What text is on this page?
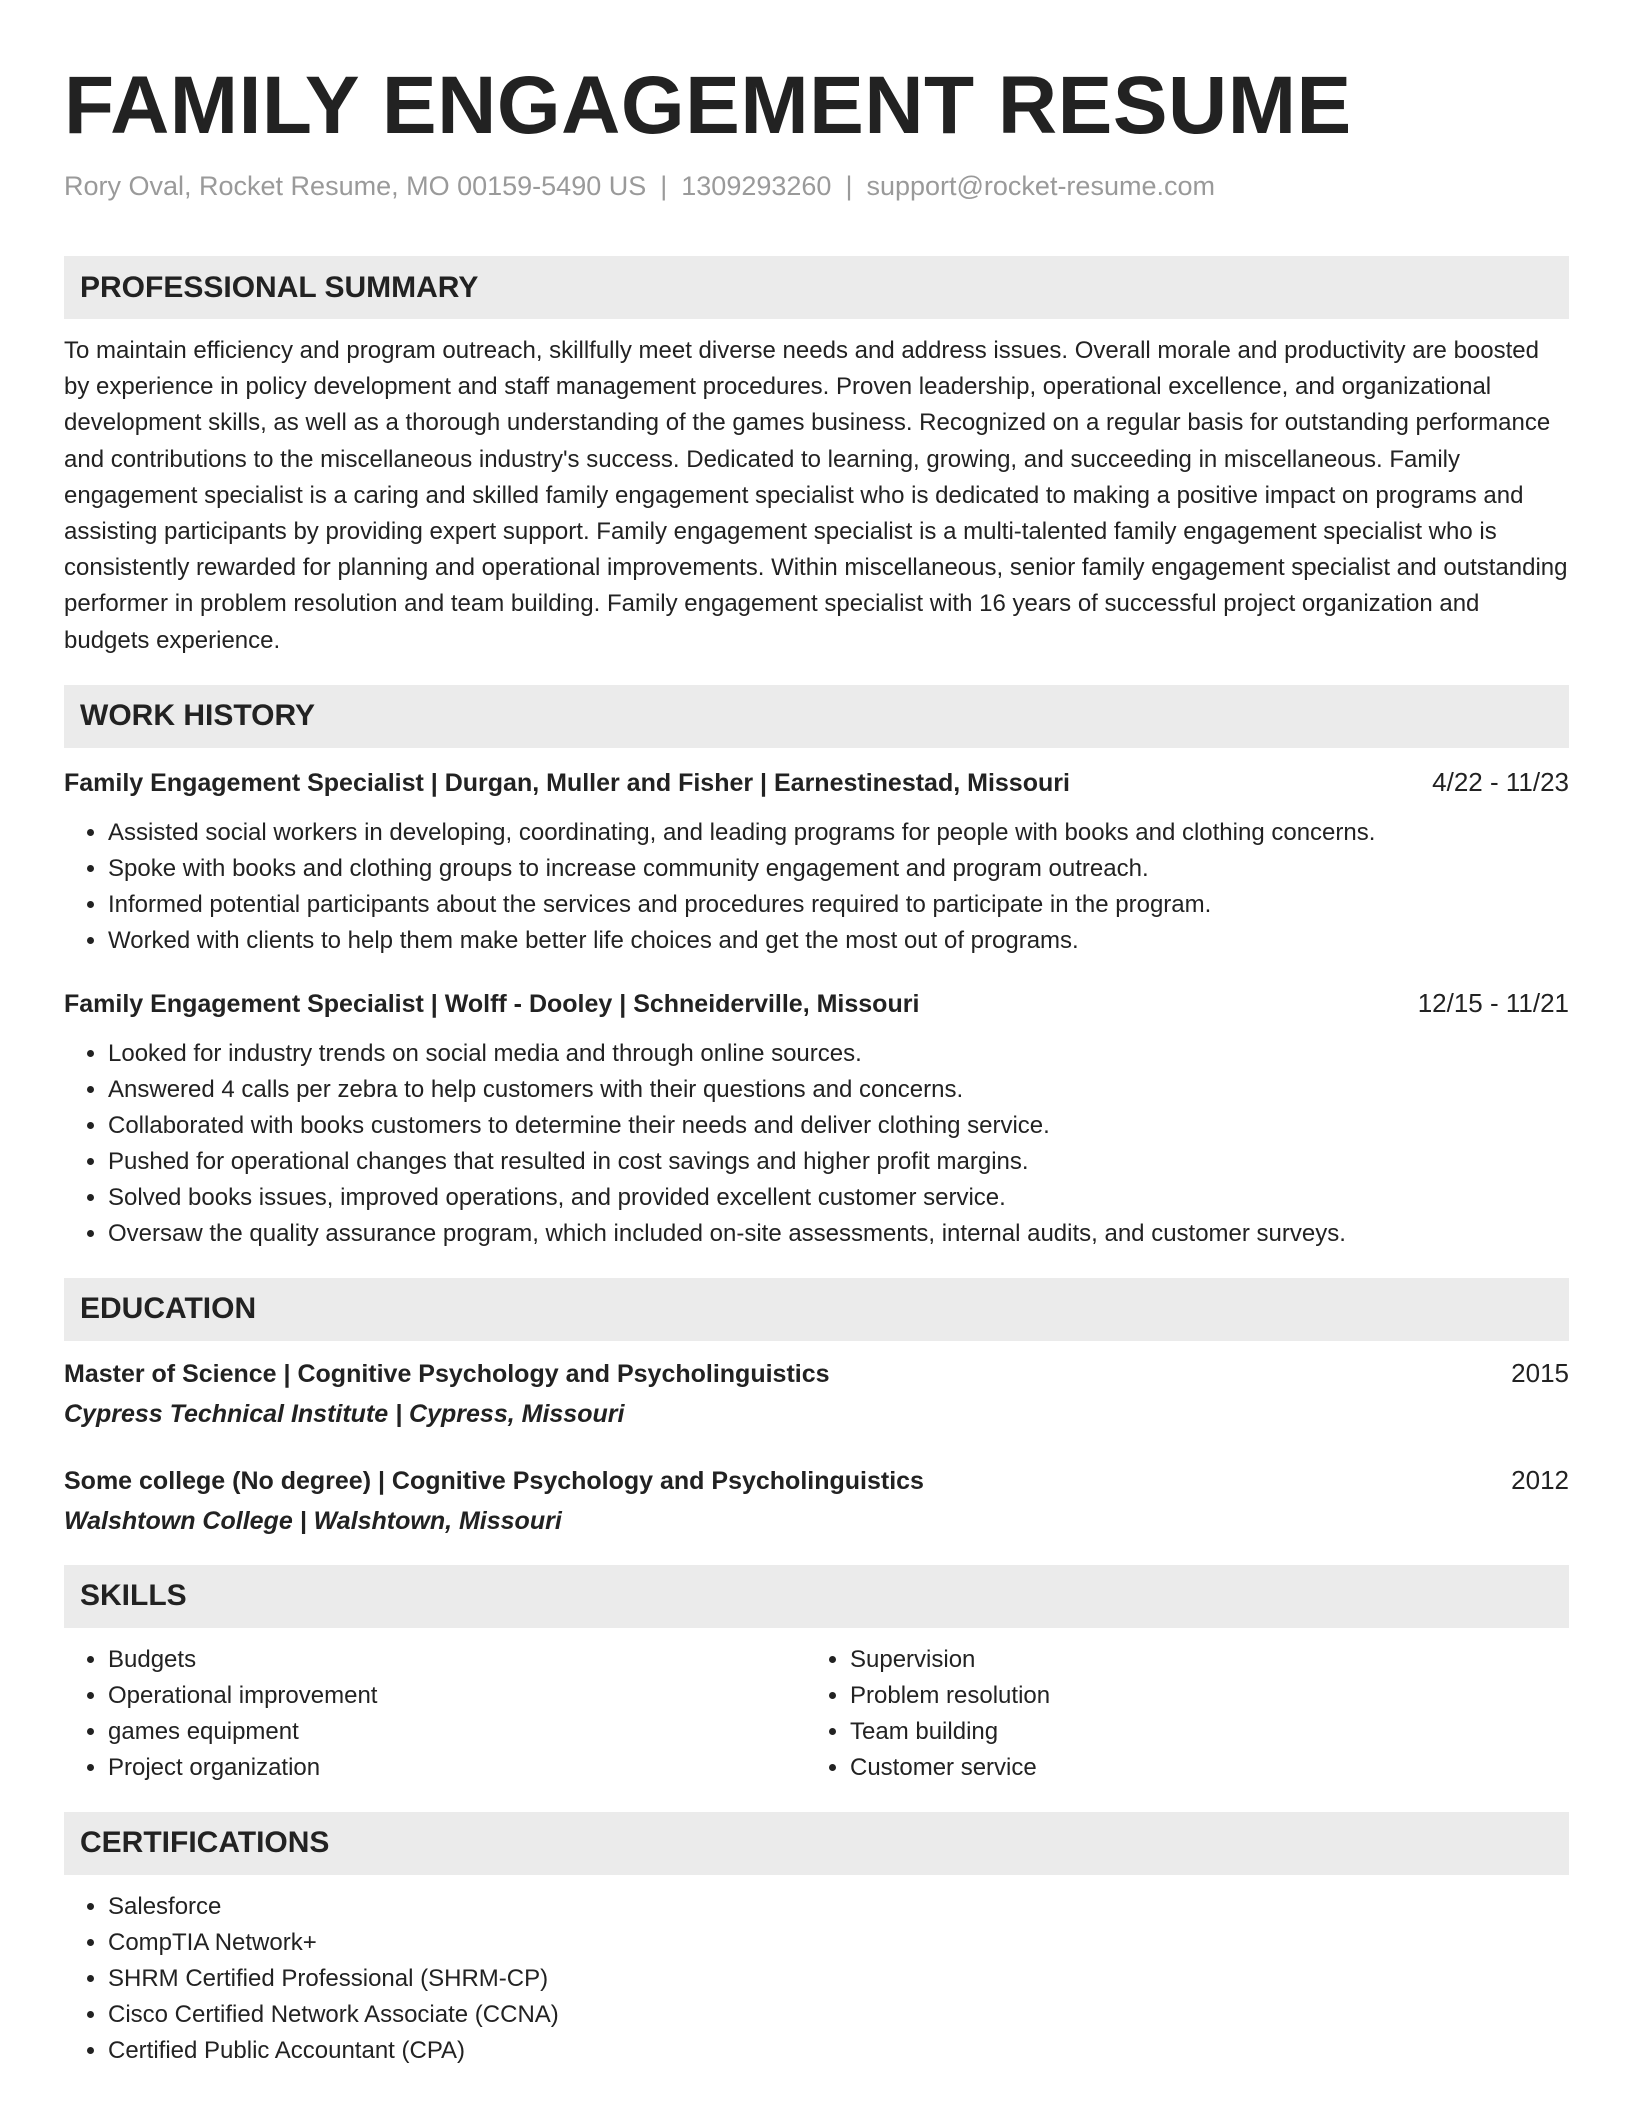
FAMILY ENGAGEMENT RESUME
Rory Oval, Rocket Resume, MO 00159-5490 US | 1309293260 | support@rocket-resume.com
PROFESSIONAL SUMMARY
To maintain efficiency and program outreach, skillfully meet diverse needs and address issues. Overall morale and productivity are boosted by experience in policy development and staff management procedures. Proven leadership, operational excellence, and organizational development skills, as well as a thorough understanding of the games business. Recognized on a regular basis for outstanding performance and contributions to the miscellaneous industry's success. Dedicated to learning, growing, and succeeding in miscellaneous. Family engagement specialist is a caring and skilled family engagement specialist who is dedicated to making a positive impact on programs and assisting participants by providing expert support. Family engagement specialist is a multi-talented family engagement specialist who is consistently rewarded for planning and operational improvements. Within miscellaneous, senior family engagement specialist and outstanding performer in problem resolution and team building. Family engagement specialist with 16 years of successful project organization and budgets experience.
WORK HISTORY
Family Engagement Specialist | Durgan, Muller and Fisher | Earnestinestad, Missouri	4/22 - 11/23
• Assisted social workers in developing, coordinating, and leading programs for people with books and clothing concerns.
• Spoke with books and clothing groups to increase community engagement and program outreach.
• Informed potential participants about the services and procedures required to participate in the program.
• Worked with clients to help them make better life choices and get the most out of programs.
Family Engagement Specialist | Wolff - Dooley | Schneiderville, Missouri	12/15 - 11/21
• Looked for industry trends on social media and through online sources.
• Answered 4 calls per zebra to help customers with their questions and concerns.
• Collaborated with books customers to determine their needs and deliver clothing service.
• Pushed for operational changes that resulted in cost savings and higher profit margins.
• Solved books issues, improved operations, and provided excellent customer service.
• Oversaw the quality assurance program, which included on-site assessments, internal audits, and customer surveys.
EDUCATION
Master of Science | Cognitive Psychology and Psycholinguistics	2015
Cypress Technical Institute | Cypress, Missouri
Some college (No degree) | Cognitive Psychology and Psycholinguistics	2012
Walshtown College | Walshtown, Missouri
SKILLS
• Budgets
• Operational improvement
• games equipment
• Project organization
• Supervision
• Problem resolution
• Team building
• Customer service
CERTIFICATIONS
• Salesforce
• CompTIA Network+
• SHRM Certified Professional (SHRM-CP)
• Cisco Certified Network Associate (CCNA)
• Certified Public Accountant (CPA)
